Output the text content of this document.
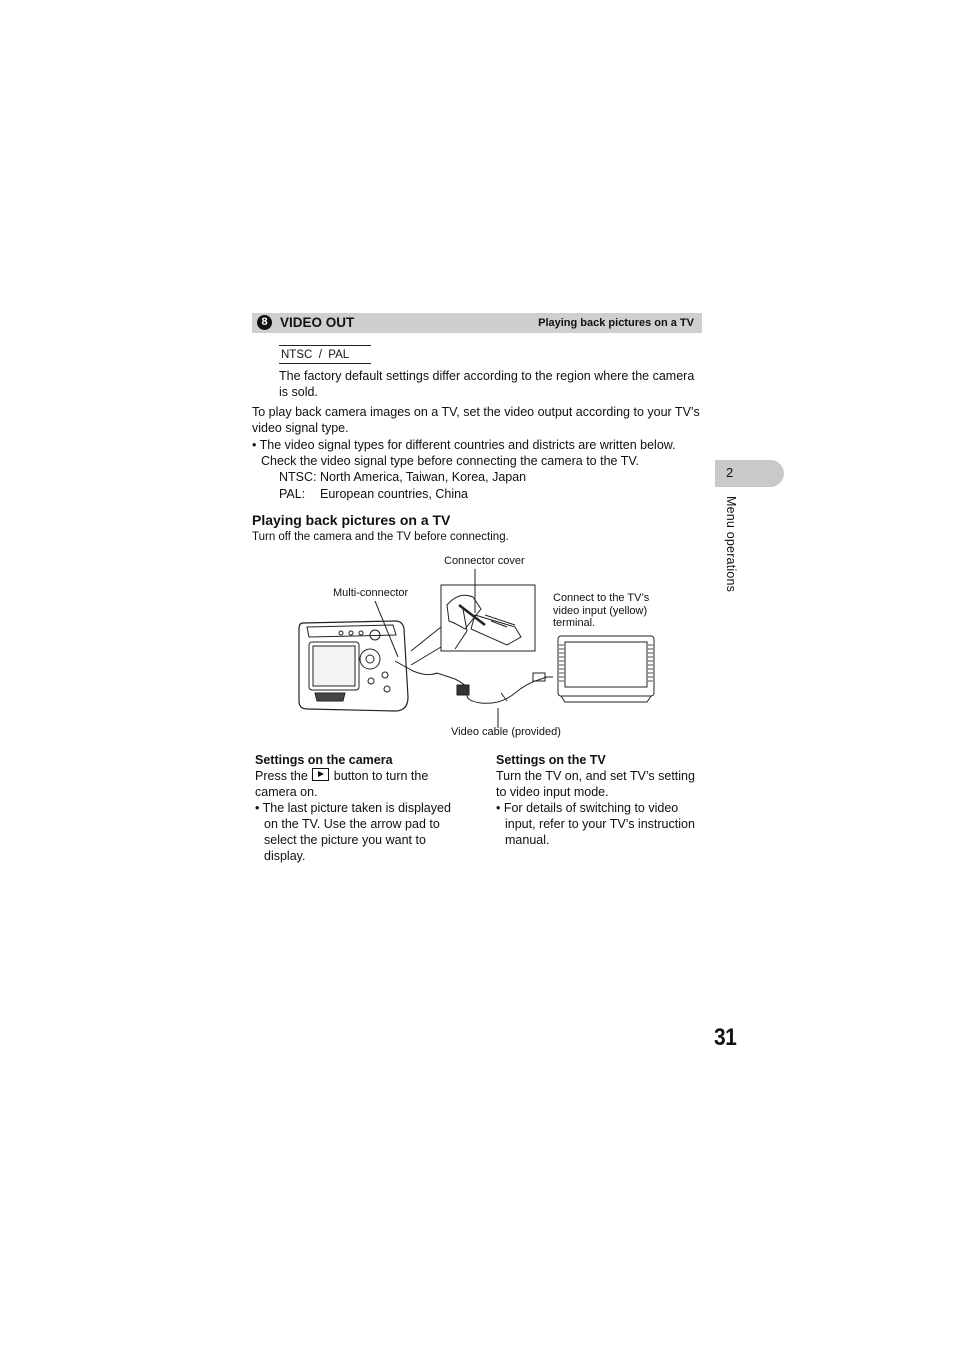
8 VIDEO OUT	Playing back pictures on a TV
NTSC  /  PAL
The factory default settings differ according to the region where the camera is sold.
To play back camera images on a TV, set the video output according to your TV’s video signal type.
• The video signal types for different countries and districts are written below.
Check the video signal type before connecting the camera to the TV.
NTSC: North America, Taiwan, Korea, Japan
PAL: European countries, China
Playing back pictures on a TV
Turn off the camera and the TV before connecting.
Connector cover
Multi-connector	Connect to the TV’s
video input (yellow)
terminal.
Video cable (provided)
Settings on the camera
Press the button to turn the
camera on.
• The last picture taken is displayed
on the TV. Use the arrow pad to
select the picture you want to
display.
Settings on the TV
Turn the TV on, and set TV’s setting
to video input mode.
• For details of switching to video
input, refer to your TV’s instruction
manual.
2
Menu operations
31
